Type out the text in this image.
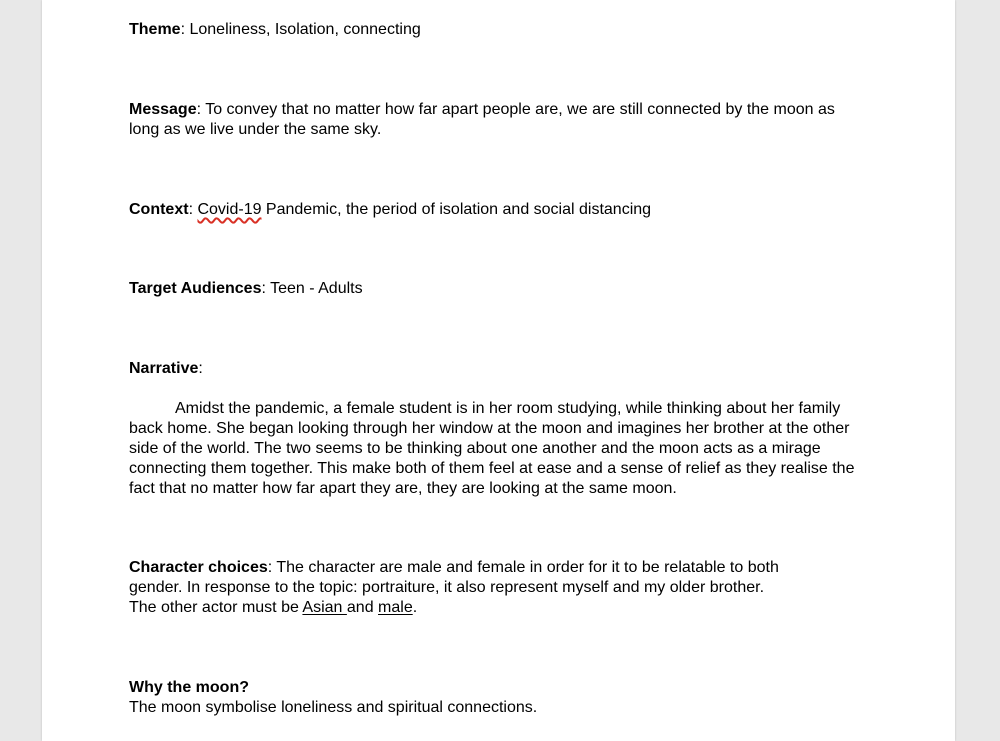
Theme: Loneliness, Isolation, connecting

Message: To convey that no matter how far apart people are, we are still connected by the moon as long as we live under the same sky.

Context: Covid-19 Pandemic, the period of isolation and social distancing

Target Audiences: Teen - Adults

Narrative:

Amidst the pandemic, a female student is in her room studying, while thinking about her family back home. She began looking through her window at the moon and imagines her brother at the other side of the world. The two seems to be thinking about one another and the moon acts as a mirage connecting them together. This make both of them feel at ease and a sense of relief as they realise the fact that no matter how far apart they are, they are looking at the same moon.

Character choices: The character are male and female in order for it to be relatable to both gender. In response to the topic: portraiture, it also represent myself and my older brother.

The other actor must be Asian and male.

Why the moon?

The moon symbolise loneliness and spiritual connections.
